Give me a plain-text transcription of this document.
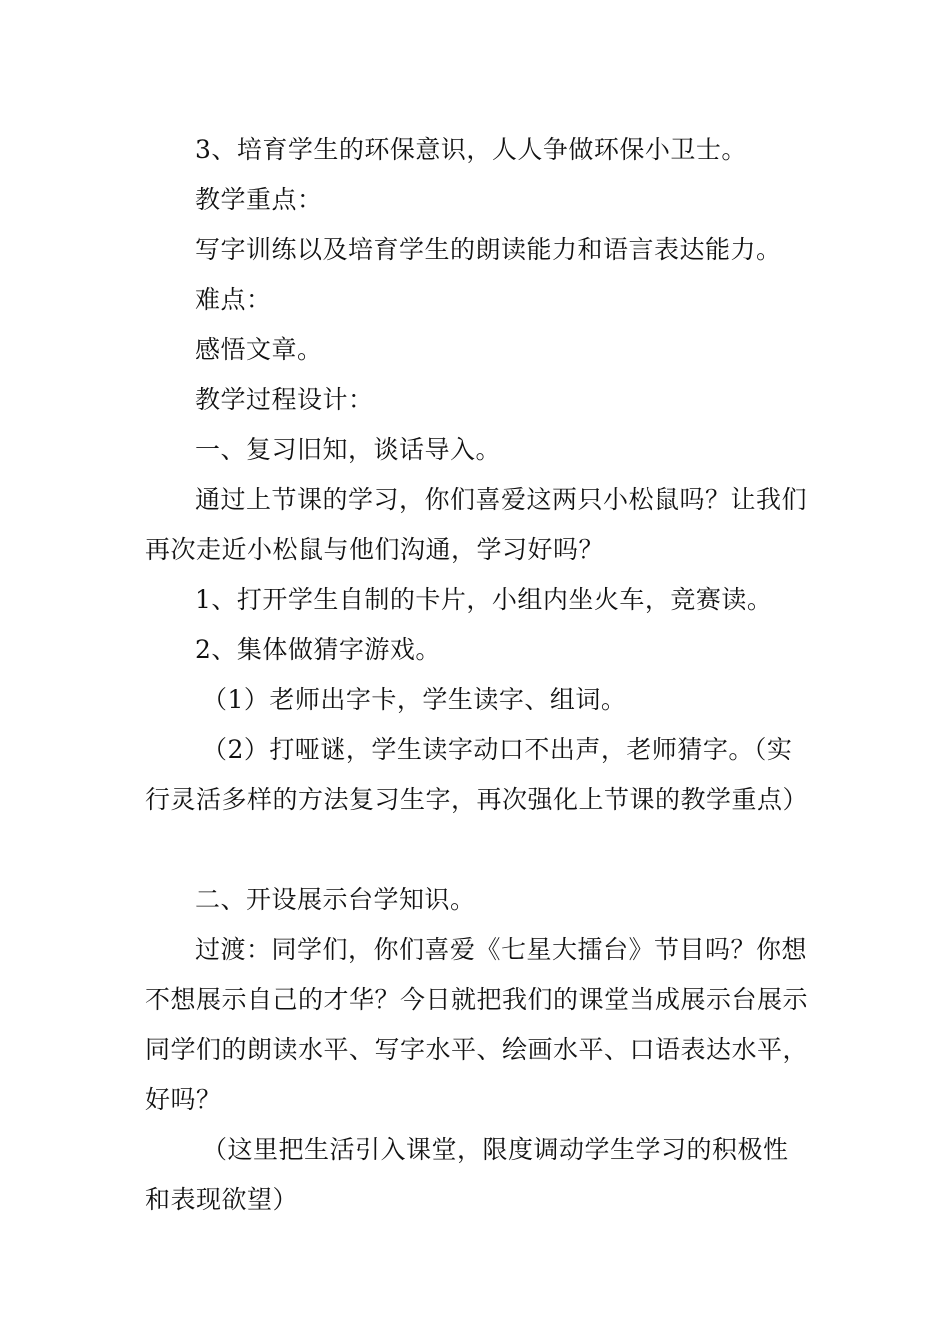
3、培育学生的环保意识，人人争做环保小卫士。

教学重点：

写字训练以及培育学生的朗读能力和语言表达能力。

难点：

感悟文章。

教学过程设计：

一、复习旧知，谈话导入。

通过上节课的学习，你们喜爱这两只小松鼠吗？让我们再次走近小松鼠与他们沟通，学习好吗？

1、打开学生自制的卡片，小组内坐火车，竞赛读。

2、集体做猜字游戏。

（1）老师出字卡，学生读字、组词。

（2）打哑谜，学生读字动口不出声，老师猜字。（实行灵活多样的方法复习生字，再次强化上节课的教学重点）

二、开设展示台学知识。

过渡：同学们，你们喜爱《七星大擂台》节目吗？你想不想展示自己的才华？今日就把我们的课堂当成展示台展示同学们的朗读水平、写字水平、绘画水平、口语表达水平，好吗？

（这里把生活引入课堂，限度调动学生学习的积极性和表现欲望）
